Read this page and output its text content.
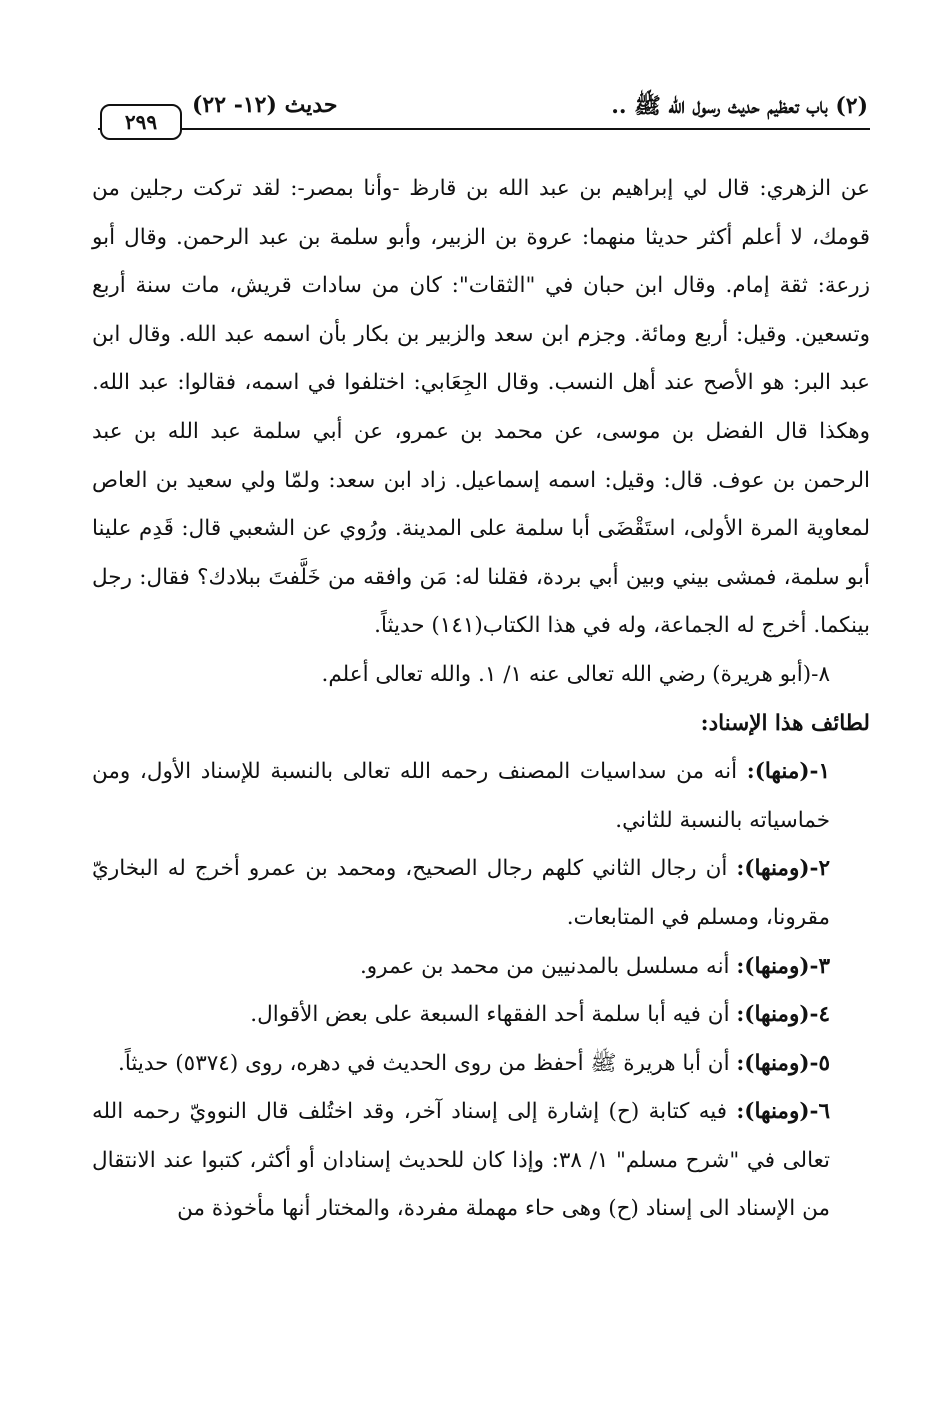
٢٩٩
حديث (١٢- ٢٢)	(٢) باب تعظيم حديث رسول الله ﷺ ..

عن الزهري: قال لي إبراهيم بن عبد الله بن قارظ -وأنا بمصر-: لقد تركت رجلين من قومك، لا أعلم أكثر حديثا منهما: عروة بن الزبير، وأبو سلمة بن عبد الرحمن. وقال أبو زرعة: ثقة إمام. وقال ابن حبان في "الثقات": كان من سادات قريش، مات سنة أربع وتسعين. وقيل: أربع ومائة. وجزم ابن سعد والزبير بن بكار بأن اسمه عبد الله. وقال ابن عبد البر: هو الأصح عند أهل النسب. وقال الجِعَابي: اختلفوا في اسمه، فقالوا: عبد الله. وهكذا قال الفضل بن موسى، عن محمد بن عمرو، عن أبي سلمة عبد الله بن عبد الرحمن بن عوف. قال: وقيل: اسمه إسماعيل. زاد ابن سعد: ولمّا ولي سعيد بن العاص لمعاوية المرة الأولى، استَقْضَى أبا سلمة على المدينة. ورُوي عن الشعبي قال: قَدِم علينا أبو سلمة، فمشى بيني وبين أبي بردة، فقلنا له: مَن وافقه من خَلَّفتَ ببلادك؟ فقال: رجل بينكما. أخرج له الجماعة، وله في هذا الكتاب(١٤١) حديثاً.

٨-(أبو هريرة) رضي الله تعالى عنه ١/ ١. والله تعالى أعلم.

لطائف هذا الإسناد:

١-(منها): أنه من سداسيات المصنف رحمه الله تعالى بالنسبة للإسناد الأول، ومن خماسياته بالنسبة للثاني.

٢-(ومنها): أن رجال الثاني كلهم رجال الصحيح، ومحمد بن عمرو أخرج له البخاريّ مقرونا، ومسلم في المتابعات.

٣-(ومنها): أنه مسلسل بالمدنيين من محمد بن عمرو.

٤-(ومنها): أن فيه أبا سلمة أحد الفقهاء السبعة على بعض الأقوال.

٥-(ومنها): أن أبا هريرة ﷺ أحفظ من روى الحديث في دهره، روى (٥٣٧٤) حديثاً.

٦-(ومنها): فيه كتابة (ح) إشارة إلى إسناد آخر، وقد اختُلف قال النوويّ رحمه الله تعالى في "شرح مسلم" ١/ ٣٨: وإذا كان للحديث إسنادان أو أكثر، كتبوا عند الانتقال من الإسناد الى إسناد (ح) وهى حاء مهملة مفردة، والمختار أنها مأخوذة من
